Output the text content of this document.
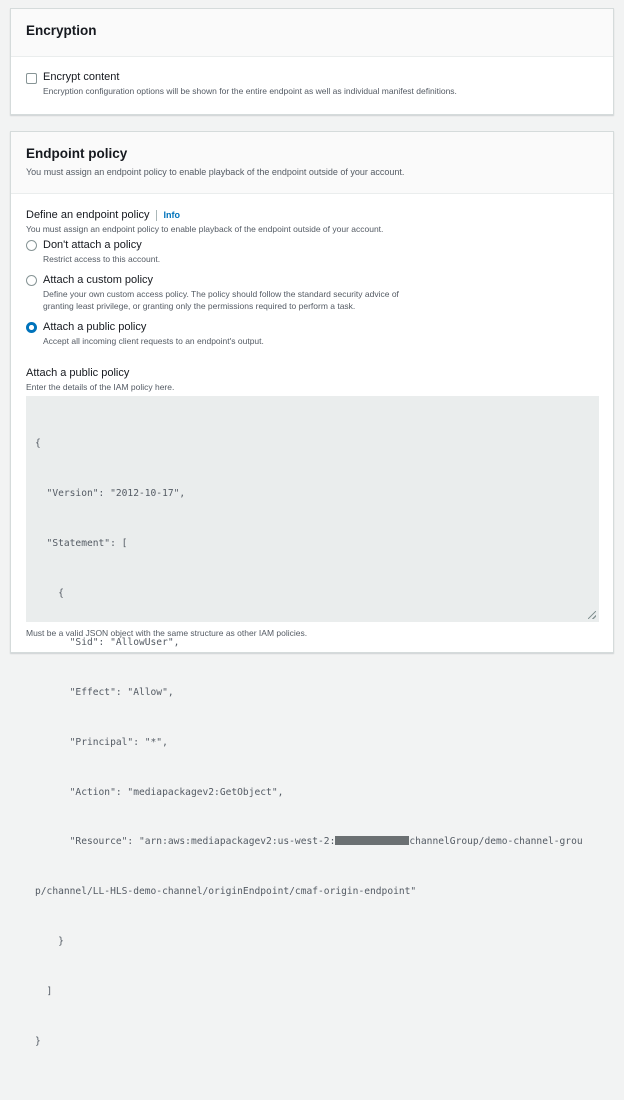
Encryption
Encrypt content
Encryption configuration options will be shown for the entire endpoint as well as individual manifest definitions.
Endpoint policy
You must assign an endpoint policy to enable playback of the endpoint outside of your account.
Define an endpoint policy Info
You must assign an endpoint policy to enable playback of the endpoint outside of your account.
Don't attach a policy
Restrict access to this account.
Attach a custom policy
Define your own custom access policy. The policy should follow the standard security advice of
granting least privilege, or granting only the permissions required to perform a task.
Attach a public policy
Accept all incoming client requests to an endpoint's output.
Attach a public policy
Enter the details of the IAM policy here.

{

"Version": "2012-10-17",

"Statement": [

{

"Sid": "AllowUser",

"Effect": "Allow",

"Principal": "*",

"Action": "mediapackagev2:GetObject",

"Resource": "arn:aws:mediapackagev2:us-west-2:	channelGroup/demo-channel-grou

p/channel/LL-HLS-demo-channel/originEndpoint/cmaf-origin-endpoint"

}

]

}

Must be a valid JSON object with the same structure as other IAM policies.
